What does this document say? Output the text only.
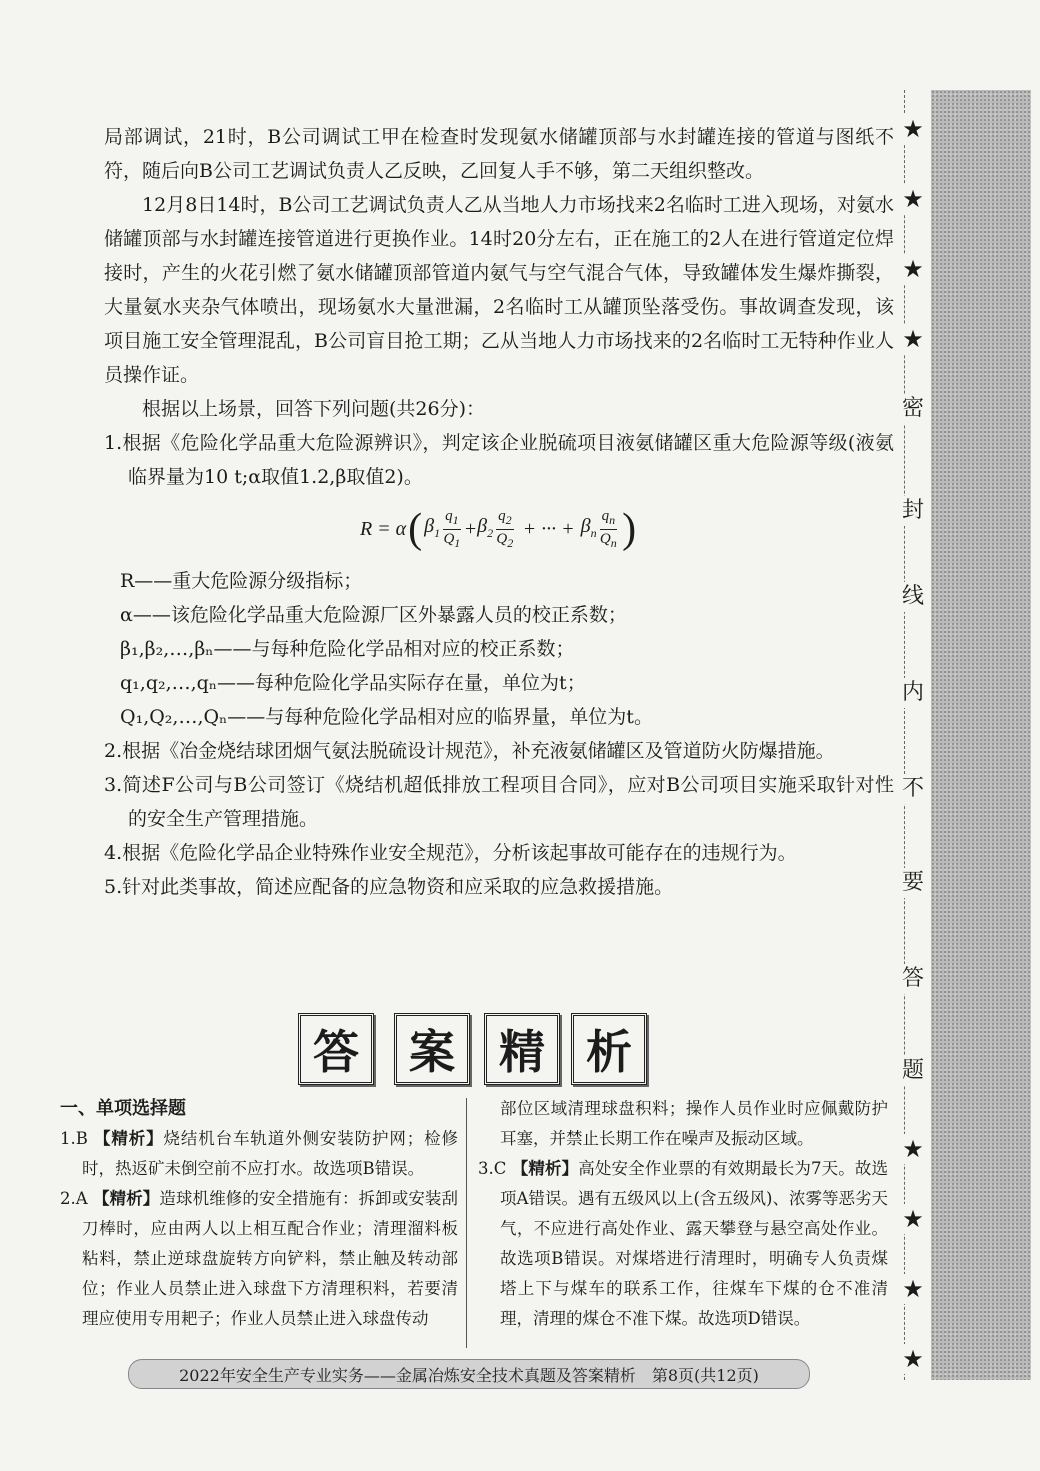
局部调试，21时，B公司调试工甲在检查时发现氨水储罐顶部与水封罐连接的管道与图纸不符，随后向B公司工艺调试负责人乙反映，乙回复人手不够，第二天组织整改。

12月8日14时，B公司工艺调试负责人乙从当地人力市场找来2名临时工进入现场，对氨水储罐顶部与水封罐连接管道进行更换作业。14时20分左右，正在施工的2人在进行管道定位焊接时，产生的火花引燃了氨水储罐顶部管道内氨气与空气混合气体，导致罐体发生爆炸撕裂，大量氨水夹杂气体喷出，现场氨水大量泄漏，2名临时工从罐顶坠落受伤。事故调查发现，该项目施工安全管理混乱，B公司盲目抢工期；乙从当地人力市场找来的2名临时工无特种作业人员操作证。

根据以上场景，回答下列问题(共26分)：

1.根据《危险化学品重大危险源辨识》，判定该企业脱硫项目液氨储罐区重大危险源等级(液氨临界量为10 t;α取值1.2,β取值2)。

R = α ( $\beta_1 \frac{q_1}{Q_1} + \beta_2 \frac{q_2}{Q_2}$ + ··· + $\beta_n \frac{q_n}{Q_n}$ )

R——重大危险源分级指标；

α——该危险化学品重大危险源厂区外暴露人员的校正系数；

β₁,β₂,…,βₙ——与每种危险化学品相对应的校正系数；

q₁,q₂,…,qₙ——每种危险化学品实际存在量，单位为t；

Q₁,Q₂,…,Qₙ——与每种危险化学品相对应的临界量，单位为t。

2.根据《冶金烧结球团烟气氨法脱硫设计规范》，补充液氨储罐区及管道防火防爆措施。

3.简述F公司与B公司签订《烧结机超低排放工程项目合同》，应对B公司项目实施采取针对性的安全生产管理措施。

4.根据《危险化学品企业特殊作业安全规范》，分析该起事故可能存在的违规行为。

5.针对此类事故，简述应配备的应急物资和应采取的应急救援措施。

★
★
★
★
密
封
线
内
不
要
答
题
★
★
★
★
答	案 精 析

一、单项选择题

1.B 【精析】烧结机台车轨道外侧安装防护网；检修时，热返矿未倒空前不应打水。故选项B错误。

2.A 【精析】造球机维修的安全措施有：拆卸或安装刮刀棒时，应由两人以上相互配合作业；清理溜料板粘料，禁止逆球盘旋转方向铲料，禁止触及转动部位；作业人员禁止进入球盘下方清理积料，若要清理应使用专用耙子；作业人员禁止进入球盘传动

部位区域清理球盘积料；操作人员作业时应佩戴防护耳塞，并禁止长期工作在噪声及振动区域。

3.C 【精析】高处安全作业票的有效期最长为7天。故选项A错误。遇有五级风以上(含五级风)、浓雾等恶劣天气，不应进行高处作业、露天攀登与悬空高处作业。故选项B错误。对煤塔进行清理时，明确专人负责煤塔上下与煤车的联系工作，往煤车下煤的仓不准清理，清理的煤仓不准下煤。故选项D错误。

2022年安全生产专业实务——金属冶炼安全技术真题及答案精析　第8页(共12页)
